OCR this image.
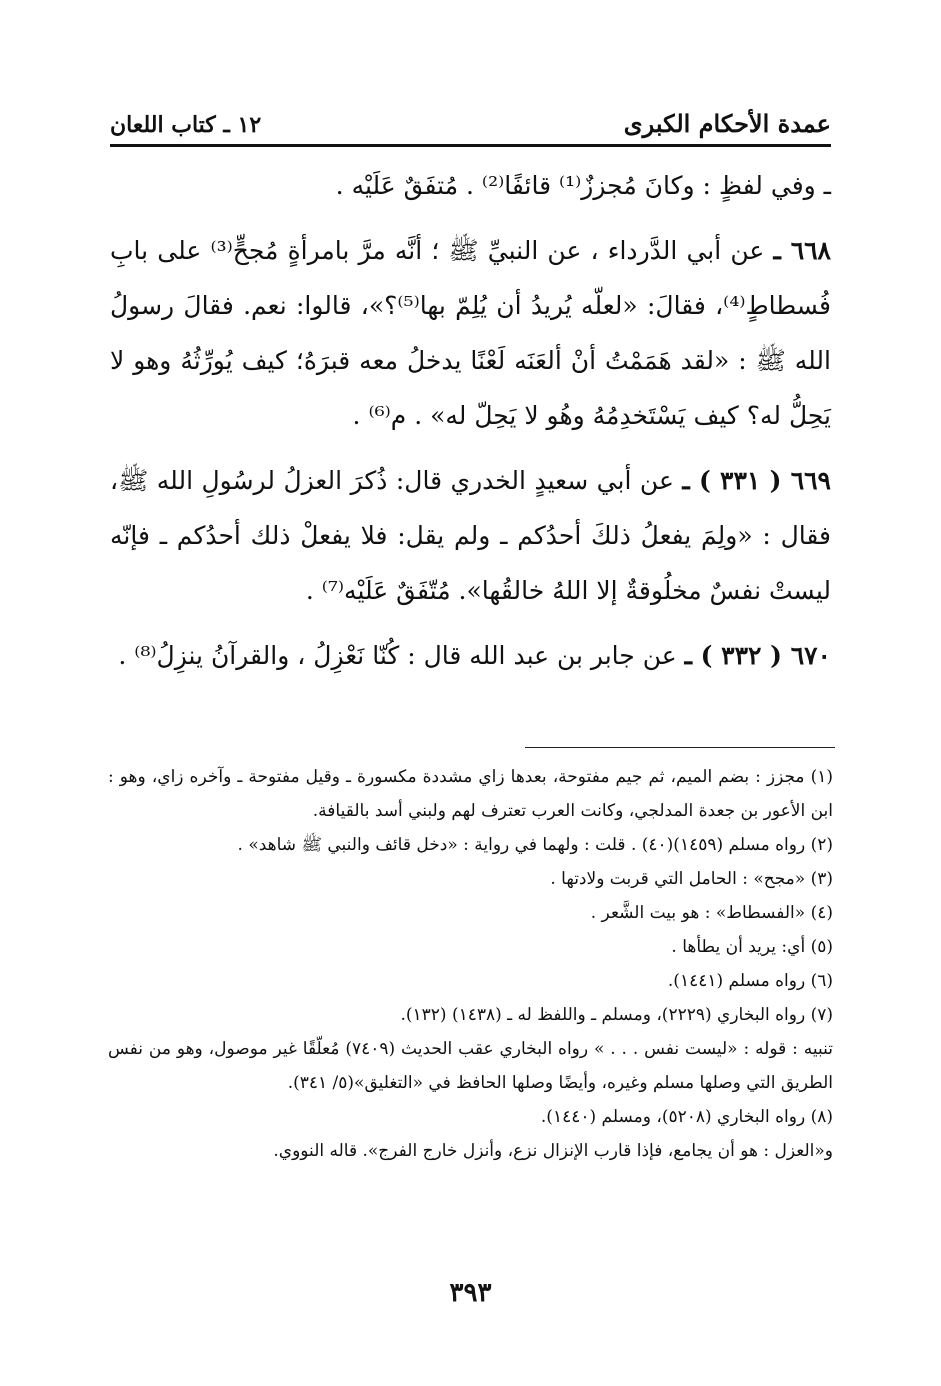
١٢ ـ كتاب اللعان	عمدة الأحكام الكبرى

ـ وفي لفظٍ : وكانَ مُجززٌ⁽¹⁾ قائفًا⁽²⁾ . مُتفَقٌ عَلَيْه .

٦٦٨ ـ عن أبي الدَّرداء ، عن النبيِّ ﷺ ؛ أنَّه مرَّ بامرأةٍ مُجحٍّ⁽³⁾ على بابِ فُسطاطٍ⁽⁴⁾، فقالَ: «لعلّه يُريدُ أن يُلِمّ بها⁽⁵⁾؟»، قالوا: نعم. فقالَ رسولُ الله ﷺ : «لقد هَمَمْتُ أنْ ألعَنَه لَعْنًا يدخلُ معه قبرَهُ؛ كيف يُورِّثُهُ وهو لا يَحِلُّ له؟ كيف يَسْتَخدِمُهُ وهُو لا يَحِلّ له» . م⁽⁶⁾ .

٦٦٩ ( ٣٣١ ) ـ عن أبي سعيدٍ الخدري قال: ذُكرَ العزلُ لرسُولِ الله ﷺ، فقال : «ولِمَ يفعلُ ذلكَ أحدُكم ـ ولم يقل: فلا يفعلْ ذلك أحدُكم ـ فإنّه ليستْ نفسٌ مخلُوقةٌ إلا اللهُ خالقُها». مُتّفَقٌ عَلَيْه⁽⁷⁾ .

٦٧٠ ( ٣٣٢ ) ـ عن جابر بن عبد الله قال : كُنّا نَعْزِلُ ، والقرآنُ ينزِلُ⁽⁸⁾ .

(١) مجزز : بضم الميم، ثم جيم مفتوحة، بعدها زاي مشددة مكسورة ـ وقيل مفتوحة ـ وآخره زاي، وهو : ابن الأعور بن جعدة المدلجي، وكانت العرب تعترف لهم ولبني أسد بالقيافة.

(٢) رواه مسلم (١٤٥٩)(٤٠) . قلت : ولهما في رواية : «دخل قائف والنبي ﷺ شاهد» .

(٣) «مجح» : الحامل التي قربت ولادتها .

(٤) «الفسطاط» : هو بيت الشَّعر .

(٥) أي: يريد أن يطأها .

(٦) رواه مسلم (١٤٤١).

(٧) رواه البخاري (٢٢٢٩)، ومسلم ـ واللفظ له ـ (١٤٣٨) (١٣٢).

تنبيه : قوله : «ليست نفس . . . » رواه البخاري عقب الحديث (٧٤٠٩) مُعلّقًا غير موصول، وهو من نفس الطريق التي وصلها مسلم وغيره، وأيضًا وصلها الحافظ في «التغليق»(٥/ ٣٤١).

(٨) رواه البخاري (٥٢٠٨)، ومسلم (١٤٤٠).

و«العزل : هو أن يجامع، فإذا قارب الإنزال نزع، وأنزل خارج الفرج». قاله النووي.

٣٩٣
